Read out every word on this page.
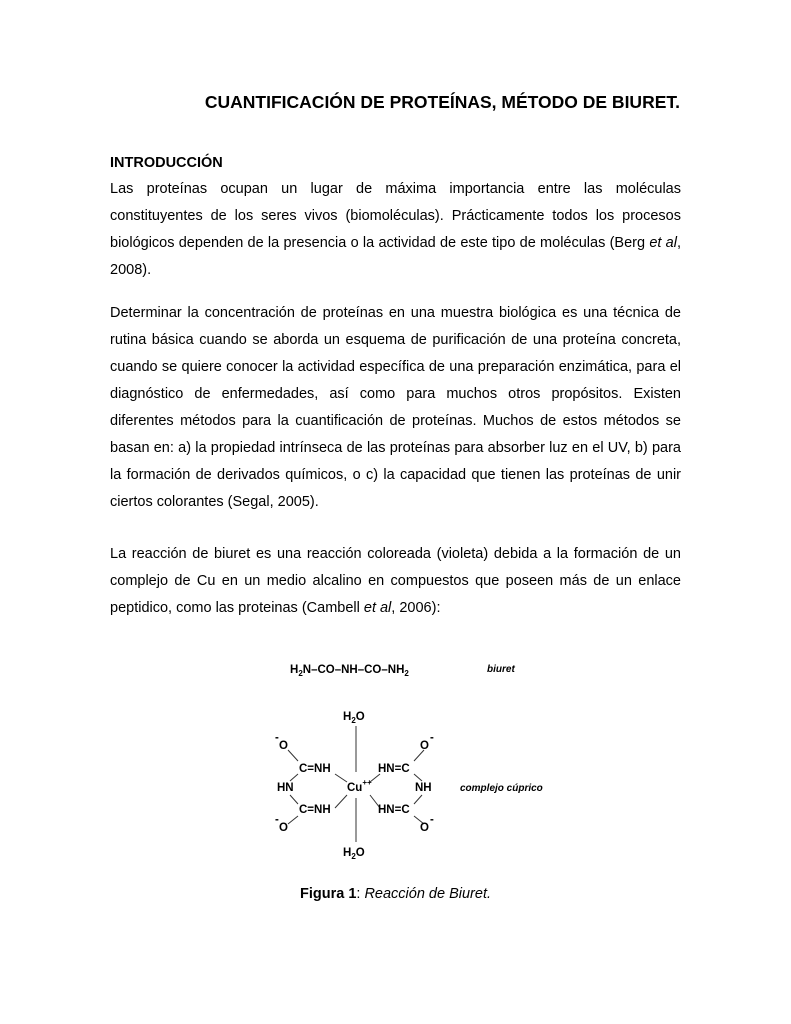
CUANTIFICACIÓN DE PROTEÍNAS, MÉTODO DE BIURET.
INTRODUCCIÓN

Las proteínas ocupan un lugar de máxima importancia entre las moléculas constituyentes de los seres vivos (biomoléculas). Prácticamente todos los procesos biológicos dependen de la presencia o la actividad de este tipo de moléculas (Berg et al, 2008).

Determinar la concentración de proteínas en una muestra biológica es una técnica de rutina básica cuando se aborda un esquema de purificación de una proteína concreta, cuando se quiere conocer la actividad específica de una preparación enzimática, para el diagnóstico de enfermedades, así como para muchos otros propósitos. Existen diferentes métodos para la cuantificación de proteínas. Muchos de estos métodos se basan en: a) la propiedad intrínseca de las proteínas para absorber luz en el UV, b) para la formación de derivados químicos, o c) la capacidad que tienen las proteínas de unir ciertos colorantes (Segal, 2005).

La reacción de biuret es una reacción coloreada (violeta) debida a la formación de un complejo de Cu en un medio alcalino en compuestos que poseen más de un enlace peptidico, como las proteinas (Cambell et al, 2006):

$H_2N-CO-NH-CO-NH_2$	biuret
$H_2O$
O
-
C=NH
HN
C=NH
O
-
Cu++
HN=C
O
-
NH
HN=C
O
-
complejo cúprico
$H_2O$

Figura 1: Reacción de Biuret.
